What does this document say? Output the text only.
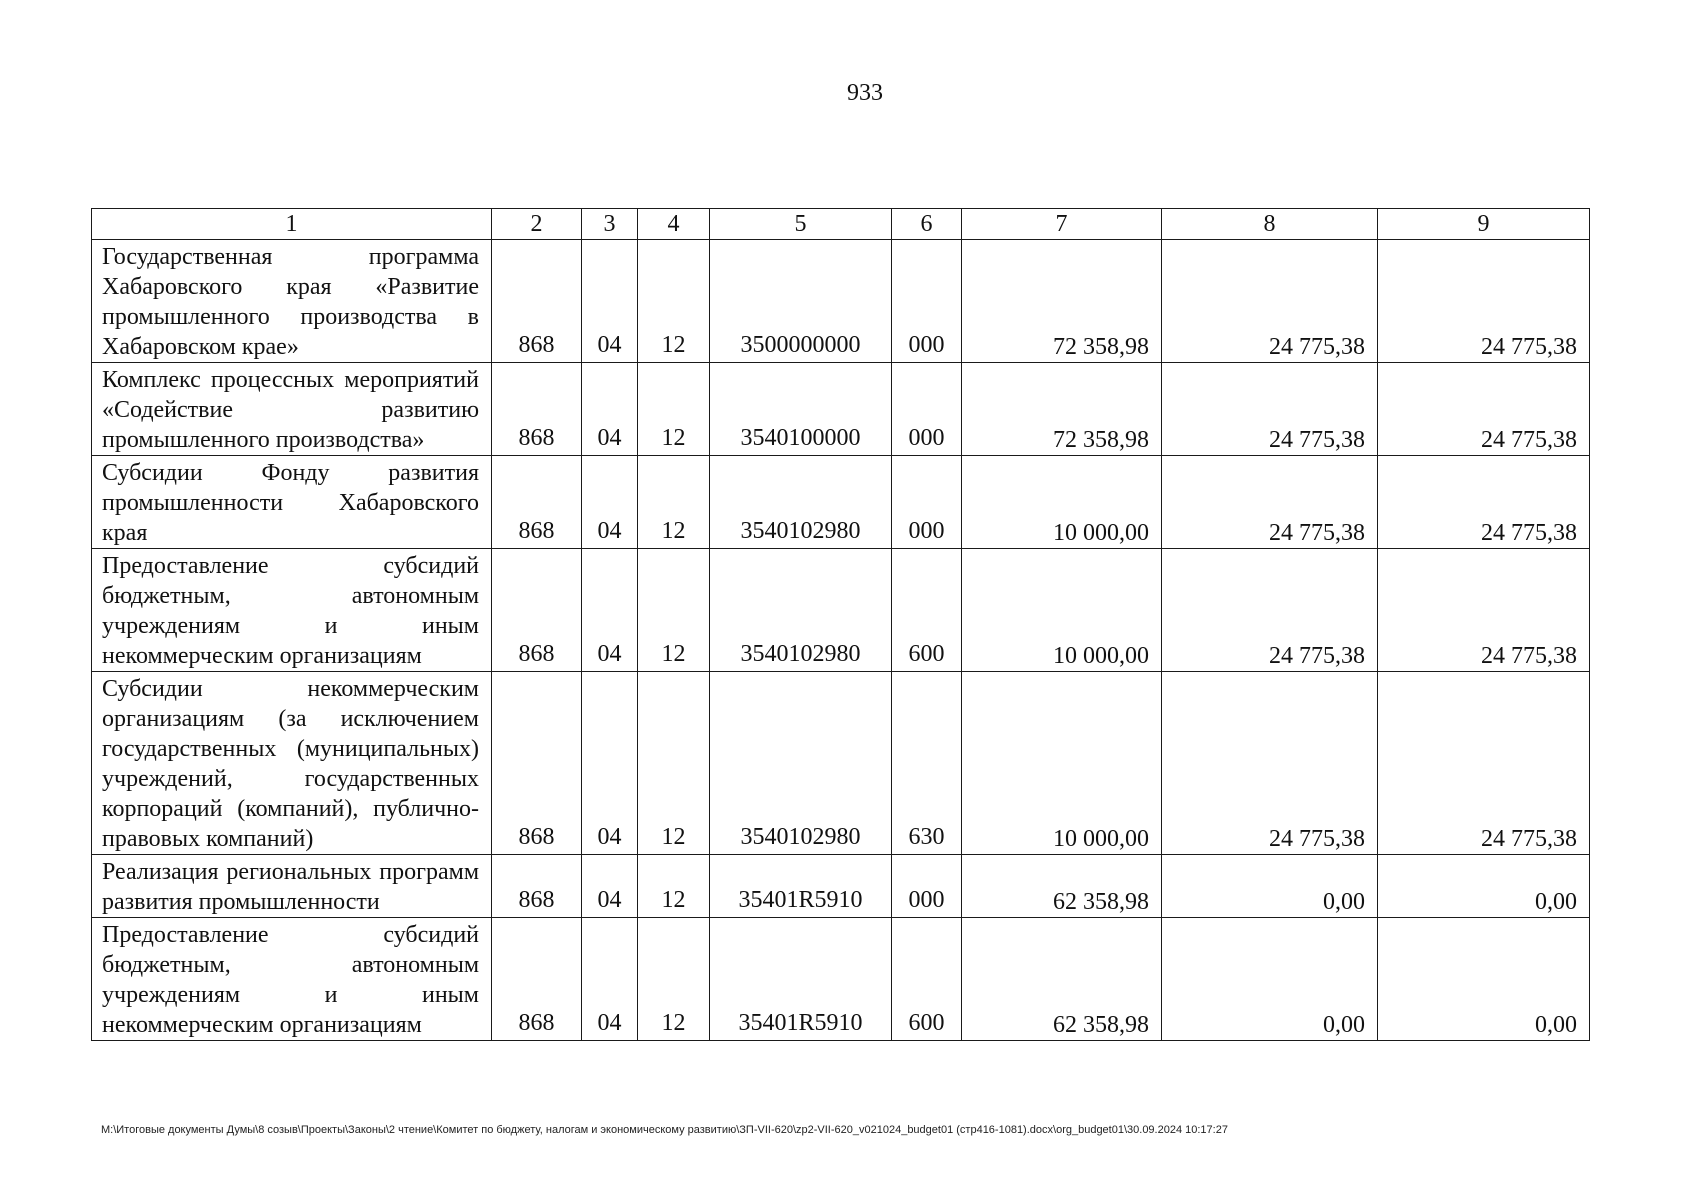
933
1	2	3	4	5	6	7	8	9
Государственная программа Хабаровского края «Развитие промышленного производства в Хабаровском крае»	868	04	12	3500000000	000	72 358,98	24 775,38	24 775,38
Комплекс процессных мероприятий «Содействие развитию промышленного производства»	868	04	12	3540100000	000	72 358,98	24 775,38	24 775,38
Субсидии Фонду развития промышленности Хабаровского края	868	04	12	3540102980	000	10 000,00	24 775,38	24 775,38
Предоставление субсидий бюджетным, автономным учреждениям и иным некоммерческим организациям	868	04	12	3540102980	600	10 000,00	24 775,38	24 775,38
Субсидии некоммерческим организациям (за исключением государственных (муниципальных) учреждений, государственных корпораций (компаний), публично-правовых компаний)	868	04	12	3540102980	630	10 000,00	24 775,38	24 775,38
Реализация региональных программ развития промышленности	868	04	12	35401R5910	000	62 358,98	0,00	0,00
Предоставление субсидий бюджетным, автономным учреждениям и иным некоммерческим организациям	868	04	12	35401R5910	600	62 358,98	0,00	0,00
M:\Итоговые документы Думы\8 созыв\Проекты\Законы\2 чтение\Комитет по бюджету, налогам и экономическому развитию\ЗП-VII-620\zp2-VII-620_v021024_budget01 (стр416-1081).docx\org_budget01\30.09.2024 10:17:27
